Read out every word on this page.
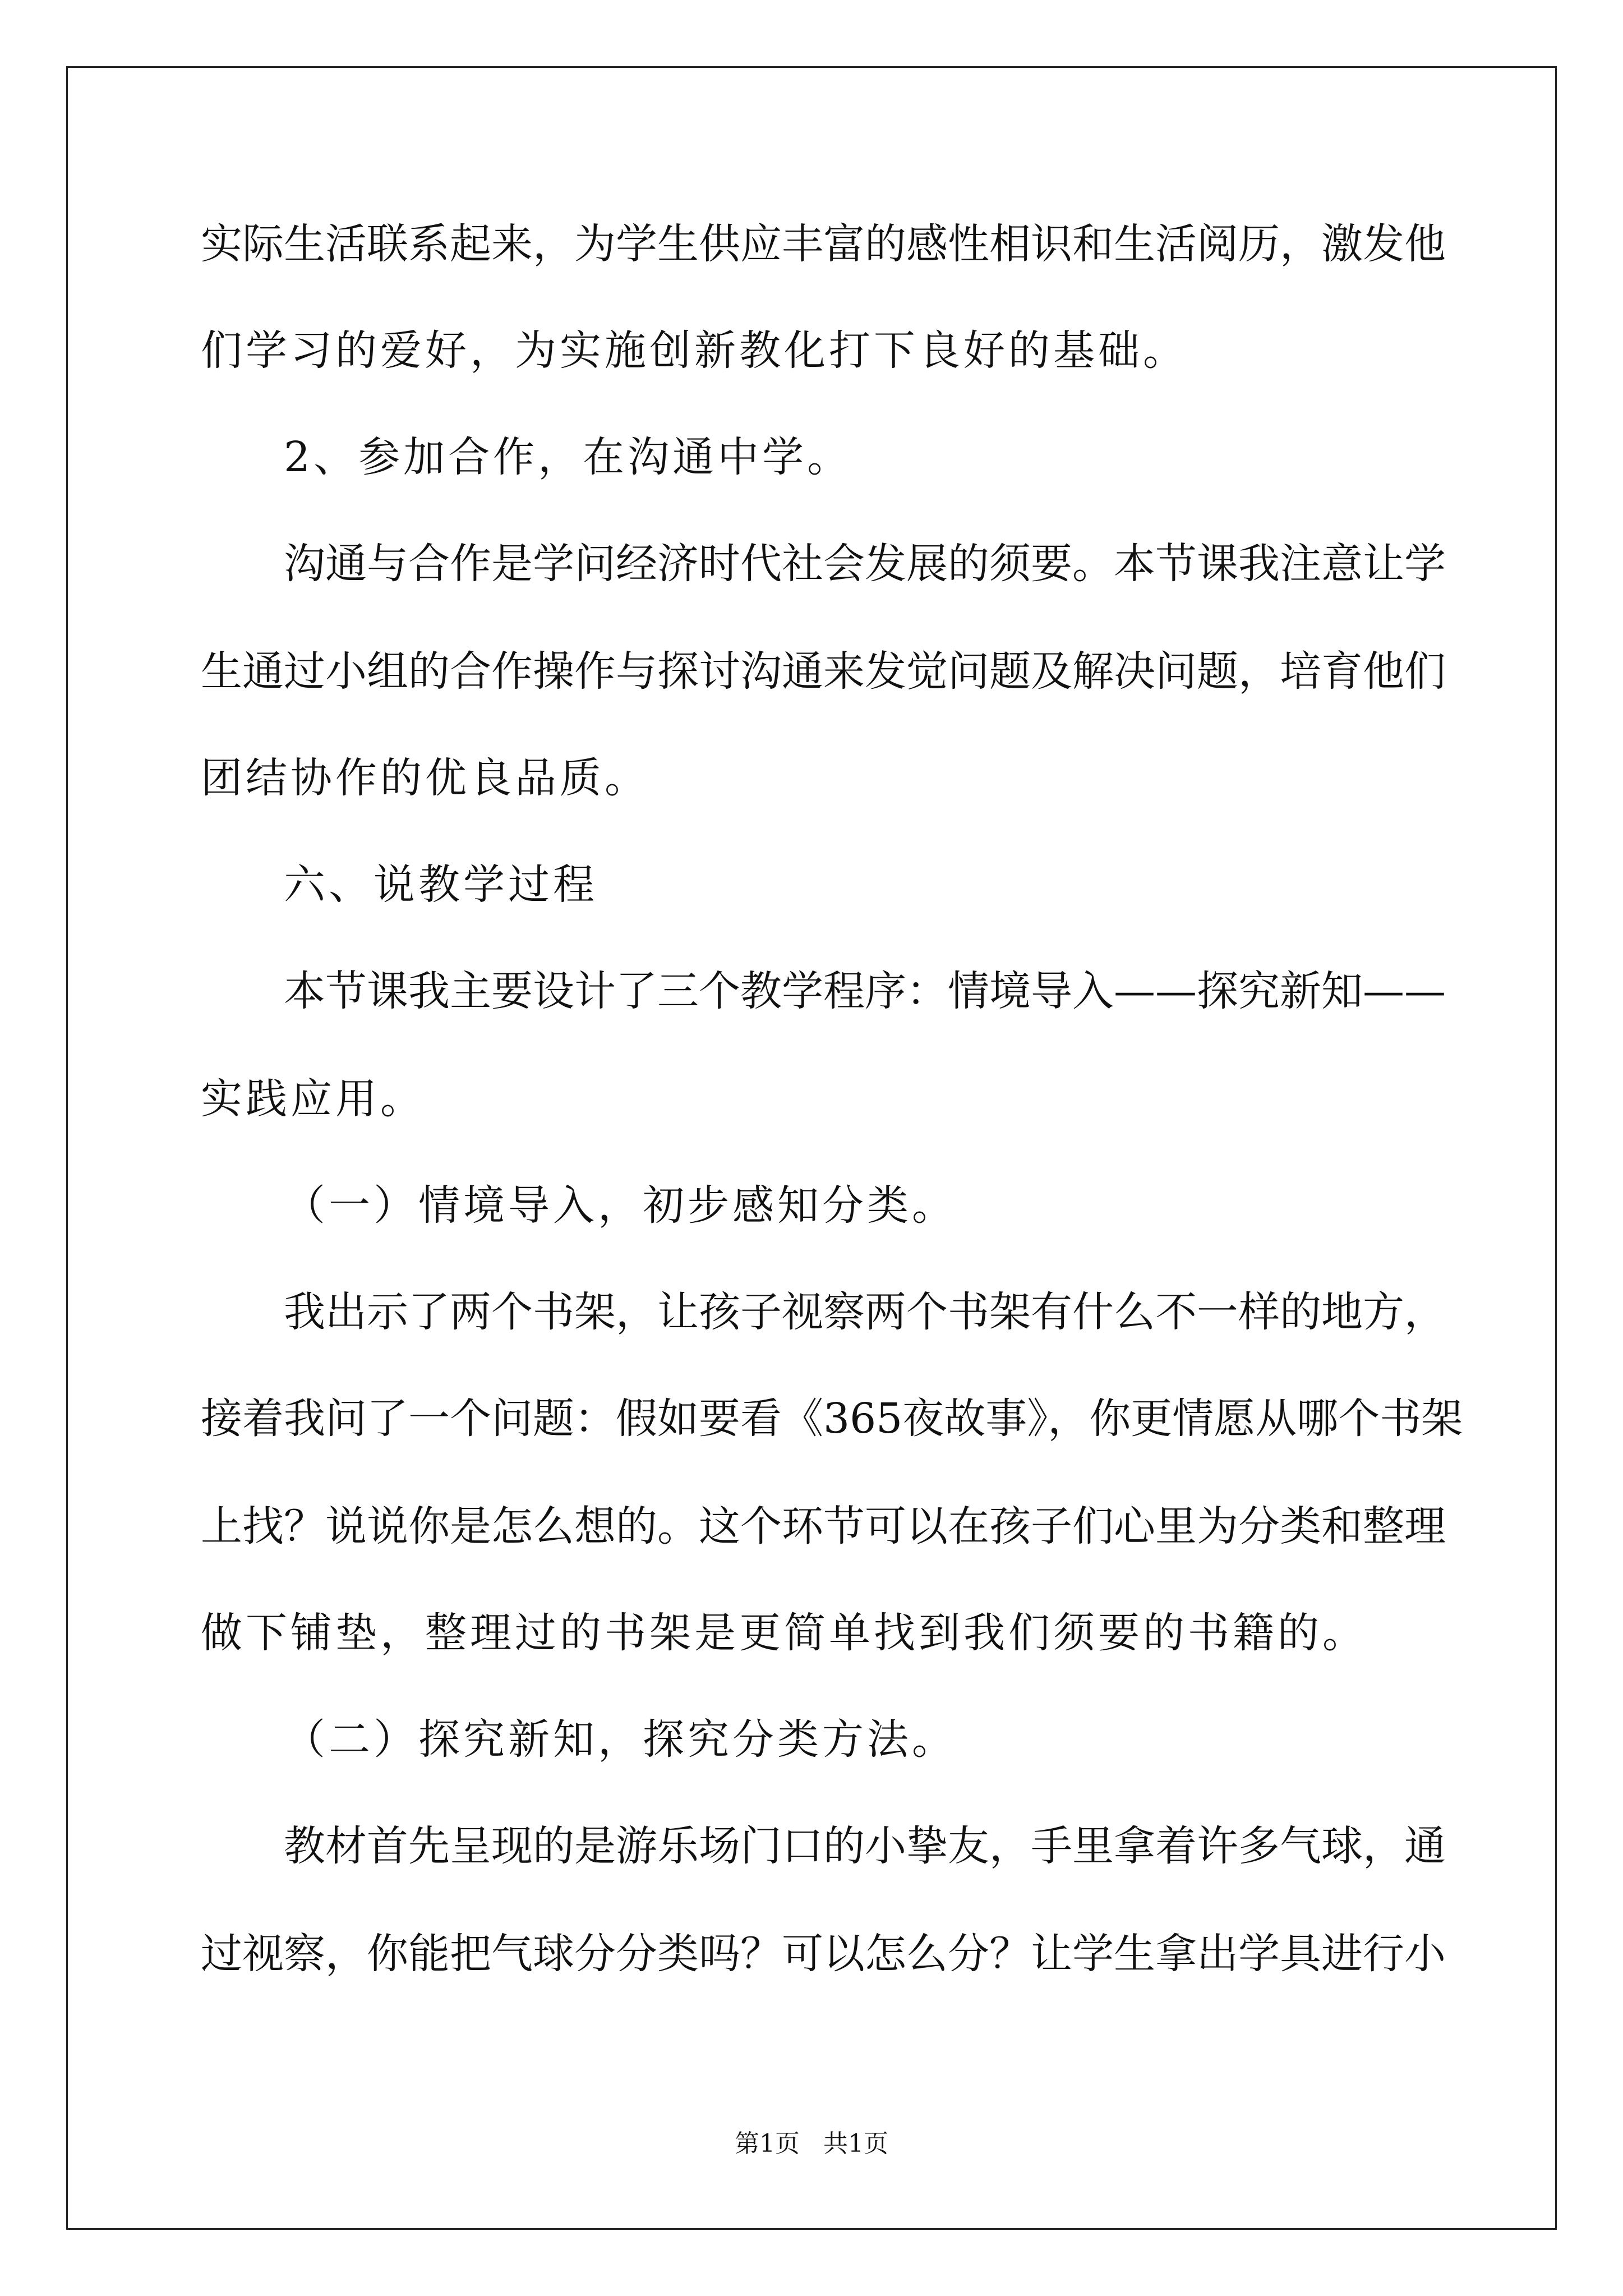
实际生活联系起来，为学生供应丰富的感性相识和生活阅历，激发他
们学习的爱好，为实施创新教化打下良好的基础。
2、参加合作，在沟通中学。
沟通与合作是学问经济时代社会发展的须要。本节课我注意让学
生通过小组的合作操作与探讨沟通来发觉问题及解决问题，培育他们
团结协作的优良品质。
六、说教学过程
本节课我主要设计了三个教学程序：情境导入——探究新知——
实践应用。
（一）情境导入，初步感知分类。
我出示了两个书架，让孩子视察两个书架有什么不一样的地方，
接着我问了一个问题：假如要看《365夜故事》，你更情愿从哪个书架
上找？说说你是怎么想的。这个环节可以在孩子们心里为分类和整理
做下铺垫，整理过的书架是更简单找到我们须要的书籍的。
（二）探究新知，探究分类方法。
教材首先呈现的是游乐场门口的小挚友，手里拿着许多气球，通
过视察，你能把气球分分类吗？可以怎么分？让学生拿出学具进行小
第1页   共1页
